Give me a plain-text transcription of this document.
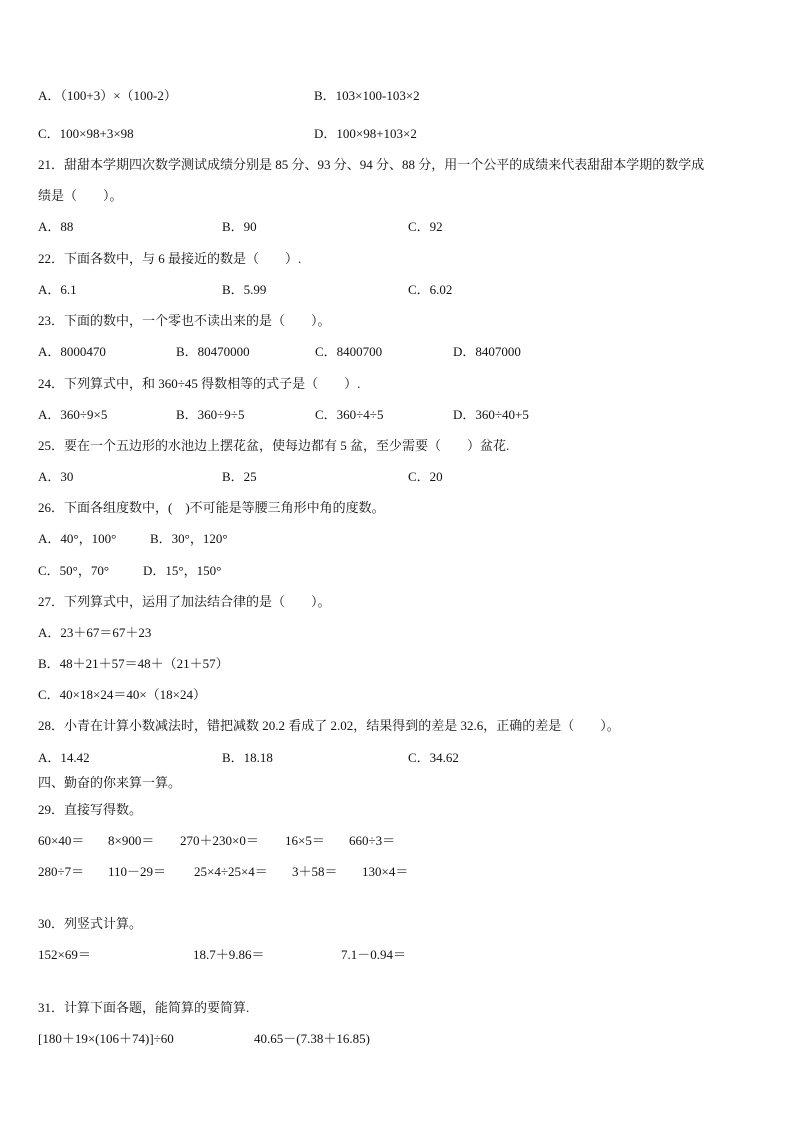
A．（100+3）×（100-2）	B．103×100-103×2
C．100×98+3×98	D．100×98+103×2
21．甜甜本学期四次数学测试成绩分别是 85 分、93 分、94 分、88 分，用一个公平的成绩来代表甜甜本学期的数学成
绩是（　　）。
A．88	B．90	C．92
22．下面各数中，与 6 最接近的数是（　　）.
A．6.1	B．5.99	C．6.02
23．下面的数中，一个零也不读出来的是（　　）。
A．8000470	B．80470000	C．8400700	D．8407000
24．下列算式中，和 360÷45 得数相等的式子是（　　）.
A．360÷9×5	B．360÷9÷5	C．360÷4÷5	D．360÷40+5
25．要在一个五边形的水池边上摆花盆，使每边都有 5 盆，至少需要（　　）盆花.
A．30	B．25	C．20
26．下面各组度数中，(　)不可能是等腰三角形中角的度数。
A．40°，100°	B．30°，120°
C．50°，70°	D．15°，150°
27．下列算式中，运用了加法结合律的是（　　）。
A．23＋67＝67＋23
B．48＋21＋57＝48＋（21＋57）
C．40×18×24＝40×（18×24）
28．小青在计算小数减法时，错把减数 20.2 看成了 2.02，结果得到的差是 32.6，正确的差是（　　）。
A．14.42	B．18.18	C．34.62
四、勤奋的你来算一算。
29．直接写得数。
60×40＝ 8×900＝ 270＋230×0＝ 16×5＝ 660÷3＝
280÷7＝ 110－29＝ 25×4÷25×4＝ 3＋58＝ 130×4＝
30．列竖式计算。
152×69＝	18.7＋9.86＝	7.1－0.94＝
31．计算下面各题，能简算的要简算.
[180＋19×(106＋74)]÷60	40.65－(7.38＋16.85)
